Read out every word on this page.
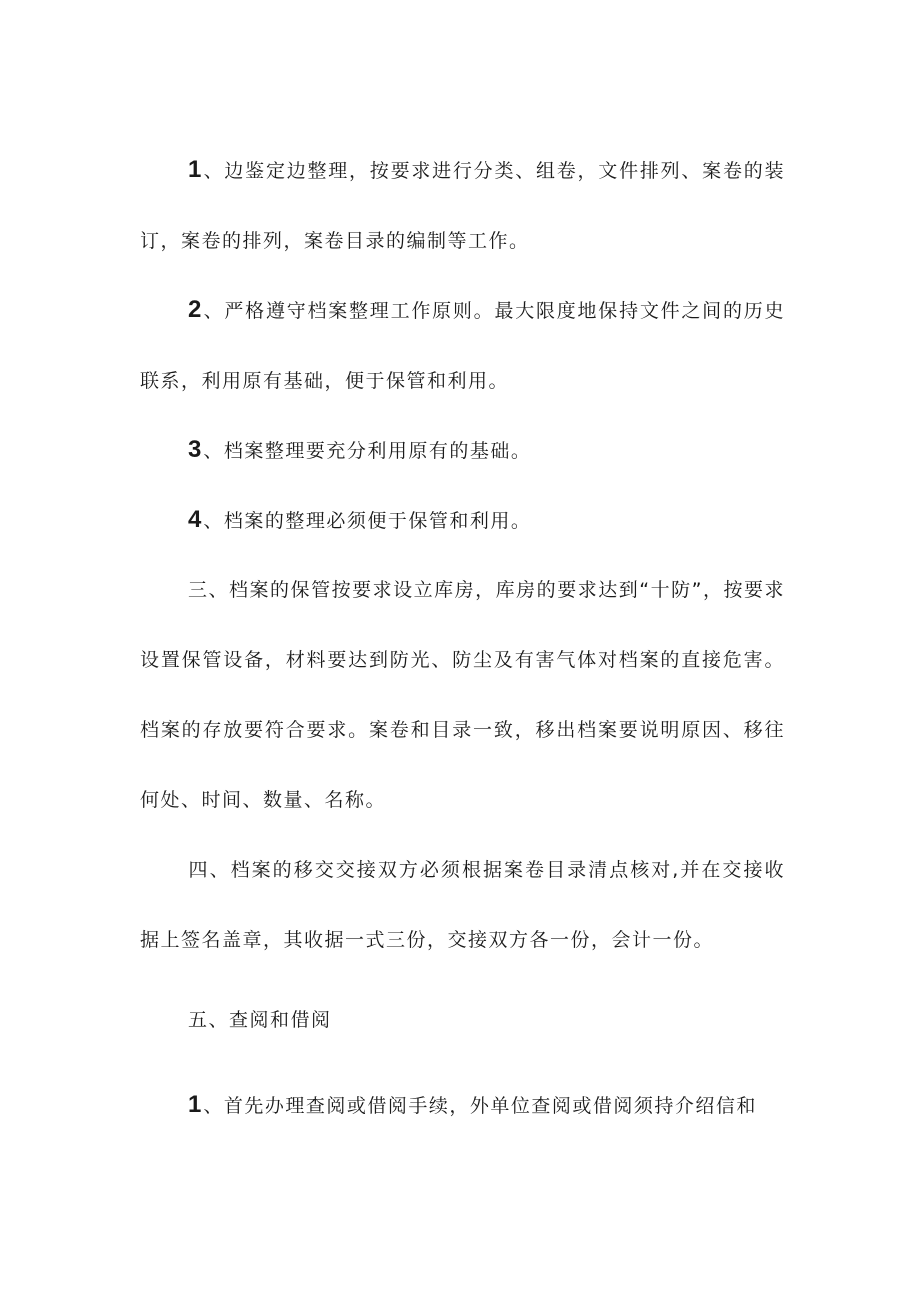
1 、边鉴定边整理，按要求进行分类、组卷，文件排列、案卷的装订，案卷的排列，案卷目录的编制等工作。

2 、严格遵守档案整理工作原则。最大限度地保持文件之间的历史联系，利用原有基础，便于保管和利用。

3 、档案整理要充分利用原有的基础。

4 、档案的整理必须便于保管和利用。

三、档案的保管按要求设立库房，库房的要求达到“十防”，按要求设置保管设备，材料要达到防光、防尘及有害气体对档案的直接危害。档案的存放要符合要求。案卷和目录一致，移出档案要说明原因、移往何处、时间、数量、名称。

四、档案的移交交接双方必须根据案卷目录清点核对,并在交接收据上签名盖章，其收据一式三份，交接双方各一份，会计一份。

五、查阅和借阅

1 、首先办理查阅或借阅手续，外单位查阅或借阅须持介绍信和
